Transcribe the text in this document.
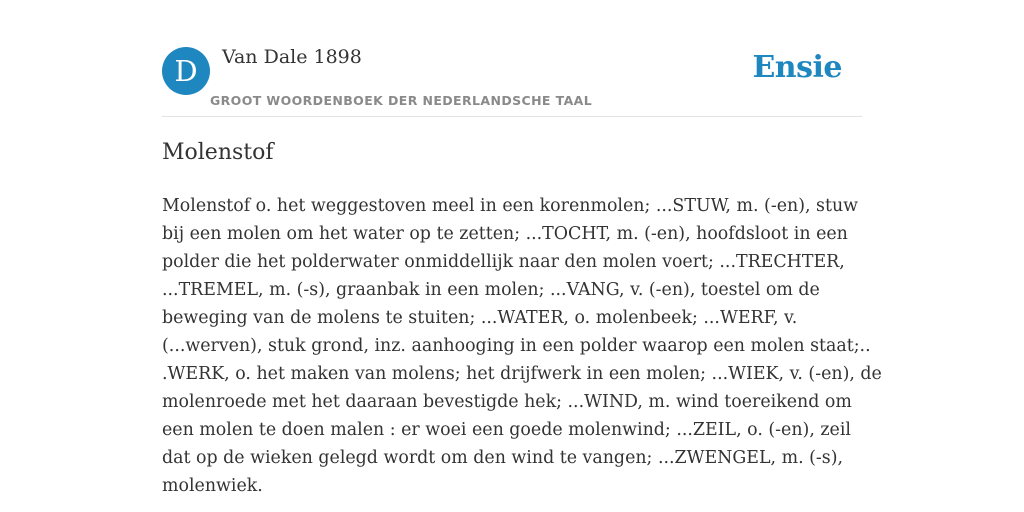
D	Van Dale 1898
GROOT WOORDENBOEK DER NEDERLANDSCHE TAAL
Ensie
Molenstof
Molenstof o. het weggestoven meel in een korenmolen; ...STUW, m. (-en), stuw
bij een molen om het water op te zetten; ...TOCHT, m. (-en), hoofdsloot in een
polder die het polderwater onmiddellijk naar den molen voert; ...TRECHTER,
...TREMEL, m. (-s), graanbak in een molen; ...VANG, v. (-en), toestel om de
beweging van de molens te stuiten; ...WATER, o. molenbeek; ...WERF, v.
(...werven), stuk grond, inz. aanhooging in een polder waarop een molen staat;..
.WERK, o. het maken van molens; het drijfwerk in een molen; ...WIEK, v. (-en), de
molenroede met het daaraan bevestigde hek; ...WIND, m. wind toereikend om
een molen te doen malen : er woei een goede molenwind; ...ZEIL, o. (-en), zeil
dat op de wieken gelegd wordt om den wind te vangen; ...ZWENGEL, m. (-s),
molenwiek.
